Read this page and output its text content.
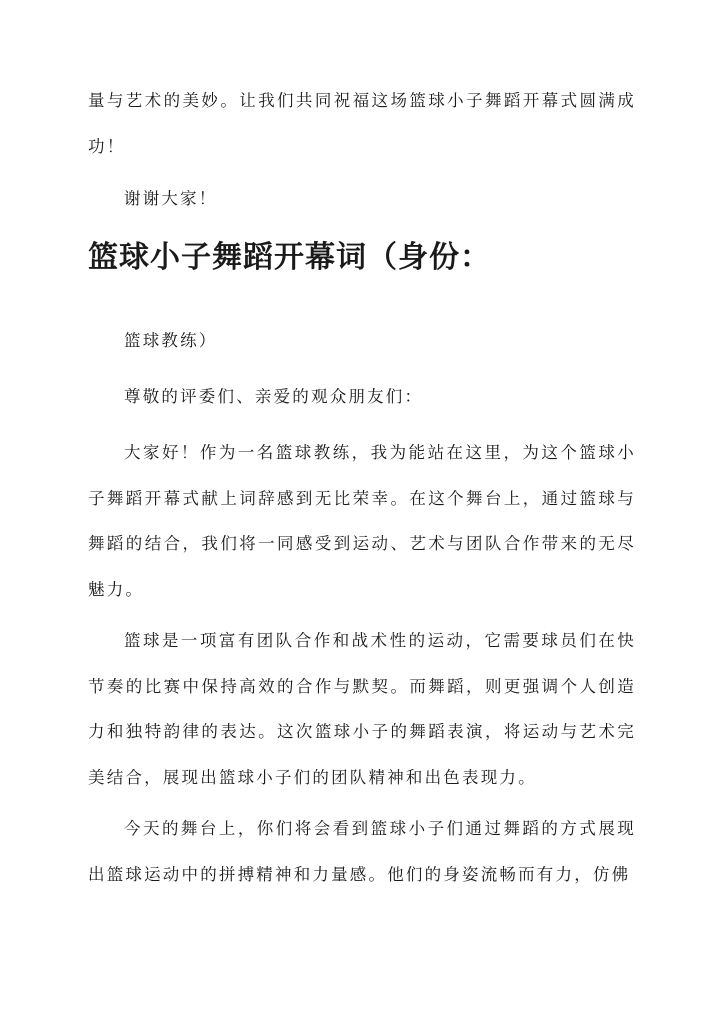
量与艺术的美妙。让我们共同祝福这场篮球小子舞蹈开幕式圆满成功！

谢谢大家！

篮球小子舞蹈开幕词（身份：

篮球教练）

尊敬的评委们、亲爱的观众朋友们：

大家好！作为一名篮球教练，我为能站在这里，为这个篮球小子舞蹈开幕式献上词辞感到无比荣幸。在这个舞台上，通过篮球与舞蹈的结合，我们将一同感受到运动、艺术与团队合作带来的无尽魅力。

篮球是一项富有团队合作和战术性的运动，它需要球员们在快节奏的比赛中保持高效的合作与默契。而舞蹈，则更强调个人创造力和独特韵律的表达。这次篮球小子的舞蹈表演，将运动与艺术完美结合，展现出篮球小子们的团队精神和出色表现力。

今天的舞台上，你们将会看到篮球小子们通过舞蹈的方式展现出篮球运动中的拼搏精神和力量感。他们的身姿流畅而有力，仿佛
